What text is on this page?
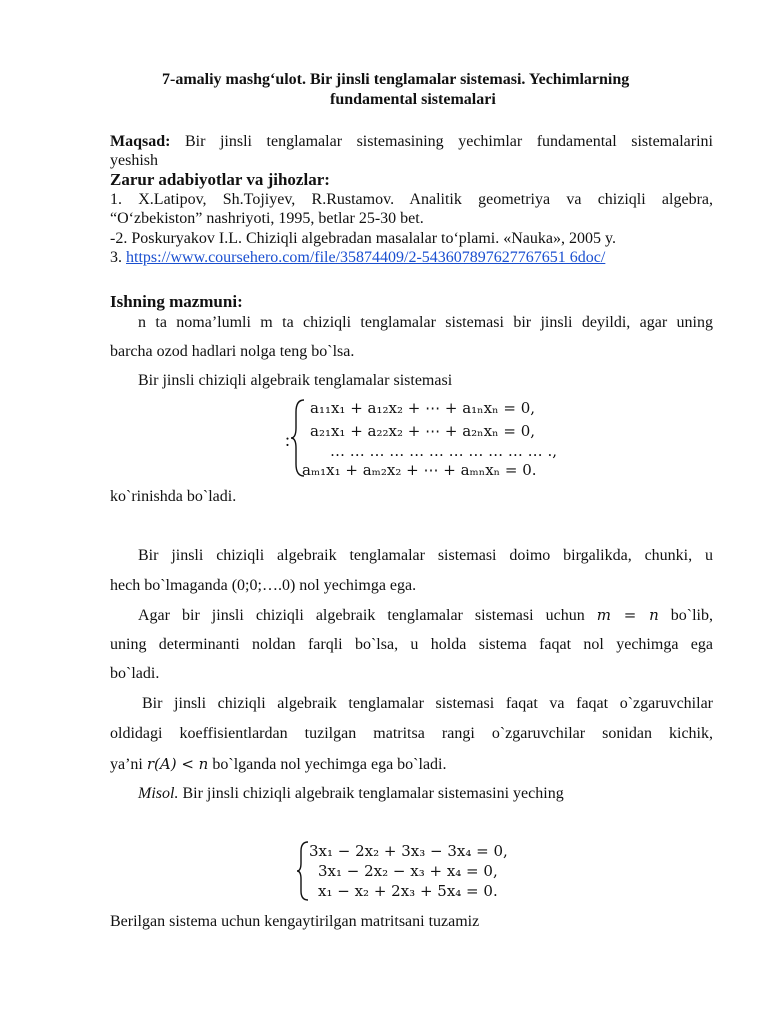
7-amaliy mashg‘ulot. Bir jinsli tenglamalar sistemasi. Yechimlarning
fundamental sistemalari
Maqsad: Bir jinsli tenglamalar sistemasining yechimlar fundamental sistemalarini
yeshish
Zarur adabiyotlar va jihozlar:
1. X.Latipov, Sh.Tojiyev, R.Rustamov. Analitik geometriya va chiziqli algebra,
“O‘zbekiston” nashriyoti, 1995, betlar 25-30 bet.
-2. Poskuryakov I.L. Chiziqli algebradan masalalar to‘plami. «Nauka», 2005 y.
3. https://www.coursehero.com/file/35874409/2-543607897627767651 6doc/
Ishning mazmuni:
n ta noma’lumli m ta chiziqli tenglamalar sistemasi bir jinsli deyildi, agar uning
barcha ozod hadlari nolga teng bo`lsa.
Bir jinsli chiziqli algebraik tenglamalar sistemasi
:
a₁₁x₁ + a₁₂x₂ + ⋯ + a₁ₙxₙ = 0,
a₂₁x₁ + a₂₂x₂ + ⋯ + a₂ₙxₙ = 0,
… … … … … … … … … … … .,
aₘ₁x₁ + aₘ₂x₂ + ⋯ + aₘₙxₙ = 0.
ko`rinishda bo`ladi.
Bir jinsli chiziqli algebraik tenglamalar sistemasi doimo birgalikda, chunki, u
hech bo`lmaganda (0;0;….0) nol yechimga ega.
Agar bir jinsli chiziqli algebraik tenglamalar sistemasi uchun m = n bo`lib,
uning determinanti noldan farqli bo`lsa, u holda sistema faqat nol yechimga ega
bo`ladi.
Bir jinsli chiziqli algebraik tenglamalar sistemasi faqat va faqat o`zgaruvchilar
oldidagi koeffisientlardan tuzilgan matritsa rangi o`zgaruvchilar sonidan kichik,
ya’ni r(A) < n bo`lganda nol yechimga ega bo`ladi.
Misol. Bir jinsli chiziqli algebraik tenglamalar sistemasini yeching
3x₁ − 2x₂ + 3x₃ − 3x₄ = 0,
3x₁ − 2x₂ − x₃ + x₄ = 0,
x₁ − x₂ + 2x₃ + 5x₄ = 0.
Berilgan sistema uchun kengaytirilgan matritsani tuzamiz
